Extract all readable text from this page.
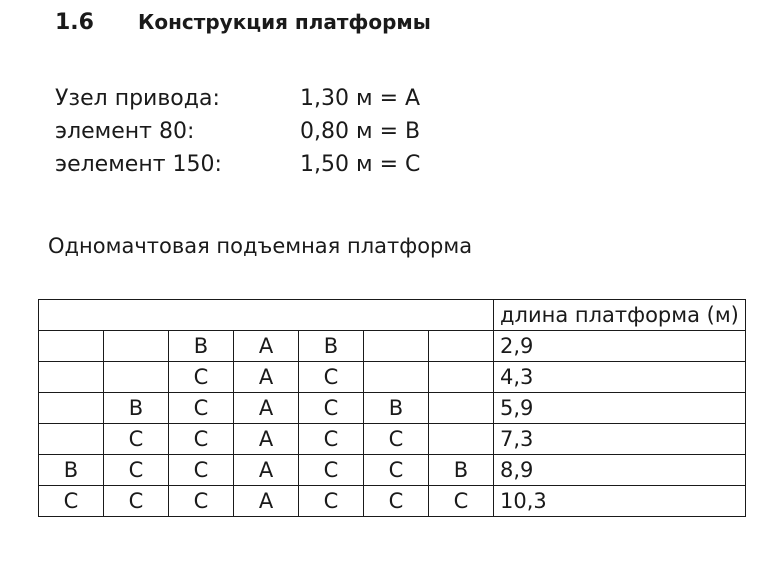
1.6 Конструкция платформы
Узел привода:	1,30 м = A
элемент 80:	0,80 м = B
эелемент 150:	1,50 м = C
Одномачтовая подъемная платформа
							длина платформа (м)
		B	A	B			2,9
		C	A	C			4,3
	B	C	A	C	B		5,9
	C	C	A	C	C		7,3
B	C	C	A	C	C	B	8,9
C	C	C	A	C	C	C	10,3
